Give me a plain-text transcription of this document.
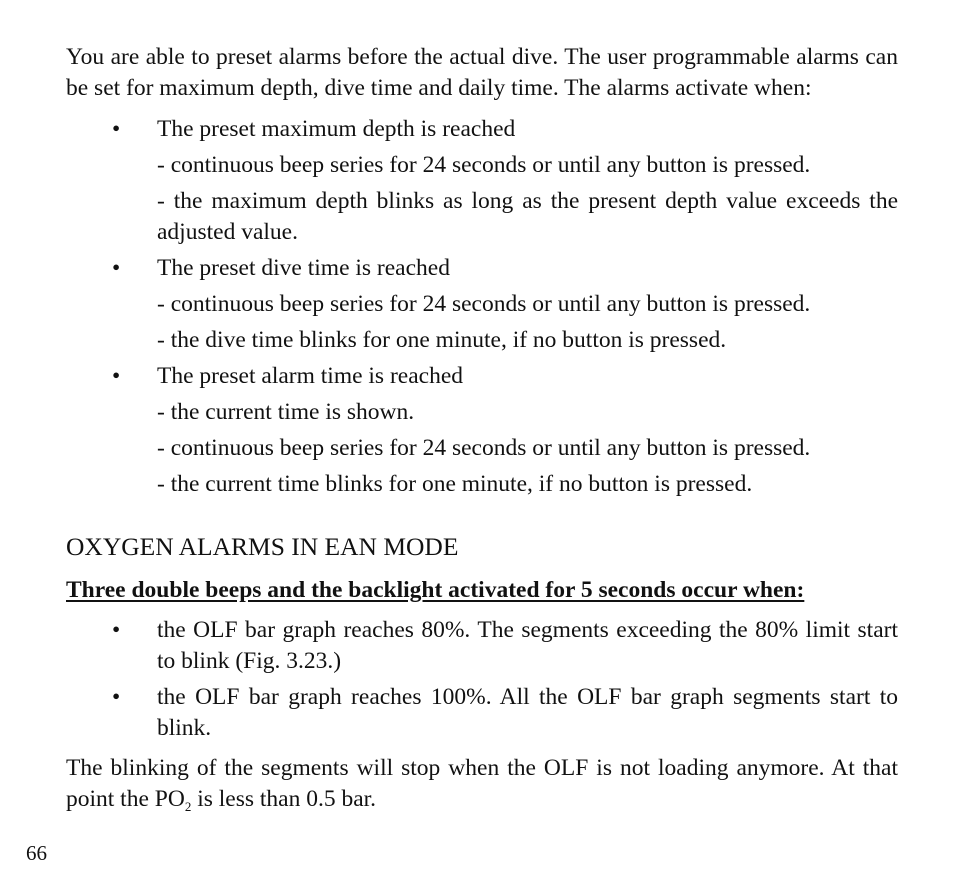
You are able to preset alarms before the actual dive. The user programmable alarms can be set for maximum depth, dive time and daily time. The alarms activate when:

• The preset maximum depth is reached

- continuous beep series for 24 seconds or until any button is pressed.

- the maximum depth blinks as long as the present depth value exceeds the adjusted value.

• The preset dive time is reached

- continuous beep series for 24 seconds or until any button is pressed.

- the dive time blinks for one minute, if no button is pressed.

• The preset alarm time is reached

- the current time is shown.

- continuous beep series for 24 seconds or until any button is pressed.

- the current time blinks for one minute, if no button is pressed.

OXYGEN ALARMS IN EAN MODE

Three double beeps and the backlight activated for 5 seconds occur when:

• the OLF bar graph reaches 80%. The segments exceeding the 80% limit start to blink (Fig. 3.23.)
• the OLF bar graph reaches 100%. All the OLF bar graph segments start to blink.

The blinking of the segments will stop when the OLF is not loading anymore. At that point the $PO_2$ is less than 0.5 bar.

66
